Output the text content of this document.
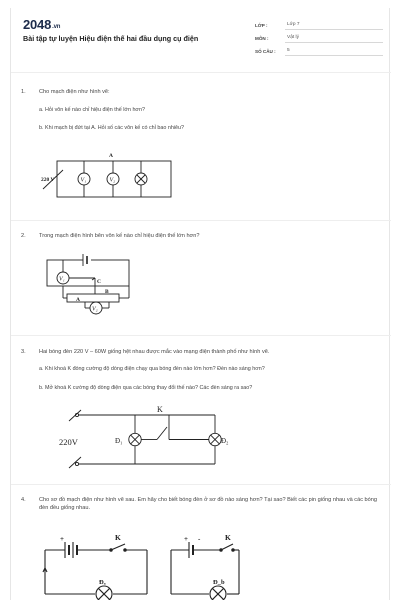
2048.vn
Bài tập tự luyện Hiệu điện thế hai đầu dụng cụ điện
LỚP :	Lớp 7
MÔN :	Vật lý
SỐ CÂU :	5
1. Cho mạch điện như hình vẽ:
a. Hỏi vôn kế nào chỉ hiệu điện thế lớn hơn?
b. Khi mạch bị đứt tại A. Hỏi số các vôn kế có chỉ bao nhiêu?
220 V
A
V₁	V₂
2. Trong mạch điện hình bên vôn kế nào chỉ hiệu điện thế lớn hơn?
V₁
V₂
C
A
B
3. Hai bóng đèn 220 V – 60W giống hệt nhau được mắc vào mạng điện thành phố như hình vẽ.
a. Khi khoá K đóng cường độ dòng điện chạy qua bóng đèn nào lớn hơn? Đèn nào sáng hơn?
b. Mở khoá K cường độ dòng điện qua các bóng thay đổi thế nào? Các đèn sáng ra sao?
220V
K
Đ₁	Đ₂
4. Cho sơ đồ mạch điện như hình vẽ sau. Em hãy cho biết bóng đèn ở sơ đồ nào sáng hơn? Tại sao? Biết các pin giống nhau và các bóng đèn đều giống nhau.
+	K
Đₐ
+ -	K
Đ_b
